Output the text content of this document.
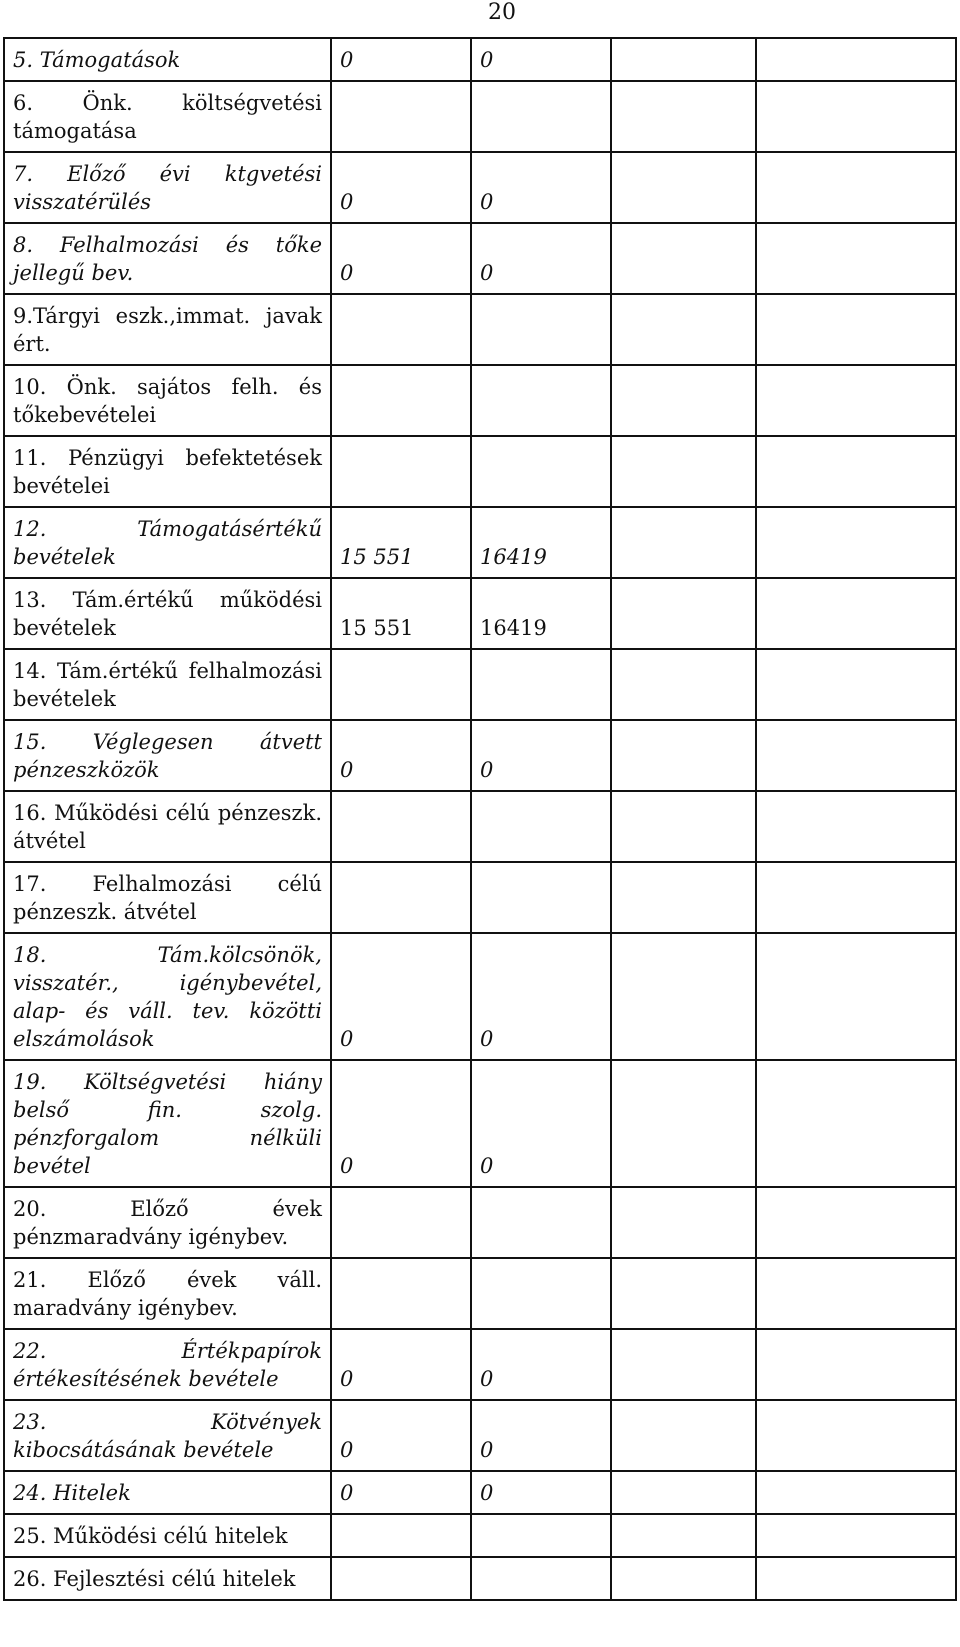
20
5. Támogatások	0	0		
6. Önk. költségvetési támogatása				
7. Előző évi ktgvetési visszatérülés	0	0		
8. Felhalmozási és tőke jellegű bev.	0	0		
9.Tárgyi eszk.,immat. javak ért.				
10. Önk. sajátos felh. és tőkebevételei				
11. Pénzügyi befektetések bevételei				
12. Támogatásértékű bevételek	15 551	16419		
13. Tám.értékű működési bevételek	15 551	16419		
14. Tám.értékű felhalmozási bevételek				
15. Véglegesen átvett pénzeszközök	0	0		
16. Működési célú pénzeszk. átvétel				
17. Felhalmozási célú pénzeszk. átvétel				
18. Tám.kölcsönök, visszatér., igénybevétel, alap- és váll. tev. közötti elszámolások	0	0		
19. Költségvetési hiány belső fin. szolg. pénzforgalom nélküli bevétel	0	0		
20. Előző évek pénzmaradvány igénybev.				
21. Előző évek váll. maradvány igénybev.				
22. Értékpapírok értékesítésének bevétele	0	0		
23. Kötvények kibocsátásának bevétele	0	0		
24. Hitelek	0	0		
25. Működési célú hitelek				
26. Fejlesztési célú hitelek				
